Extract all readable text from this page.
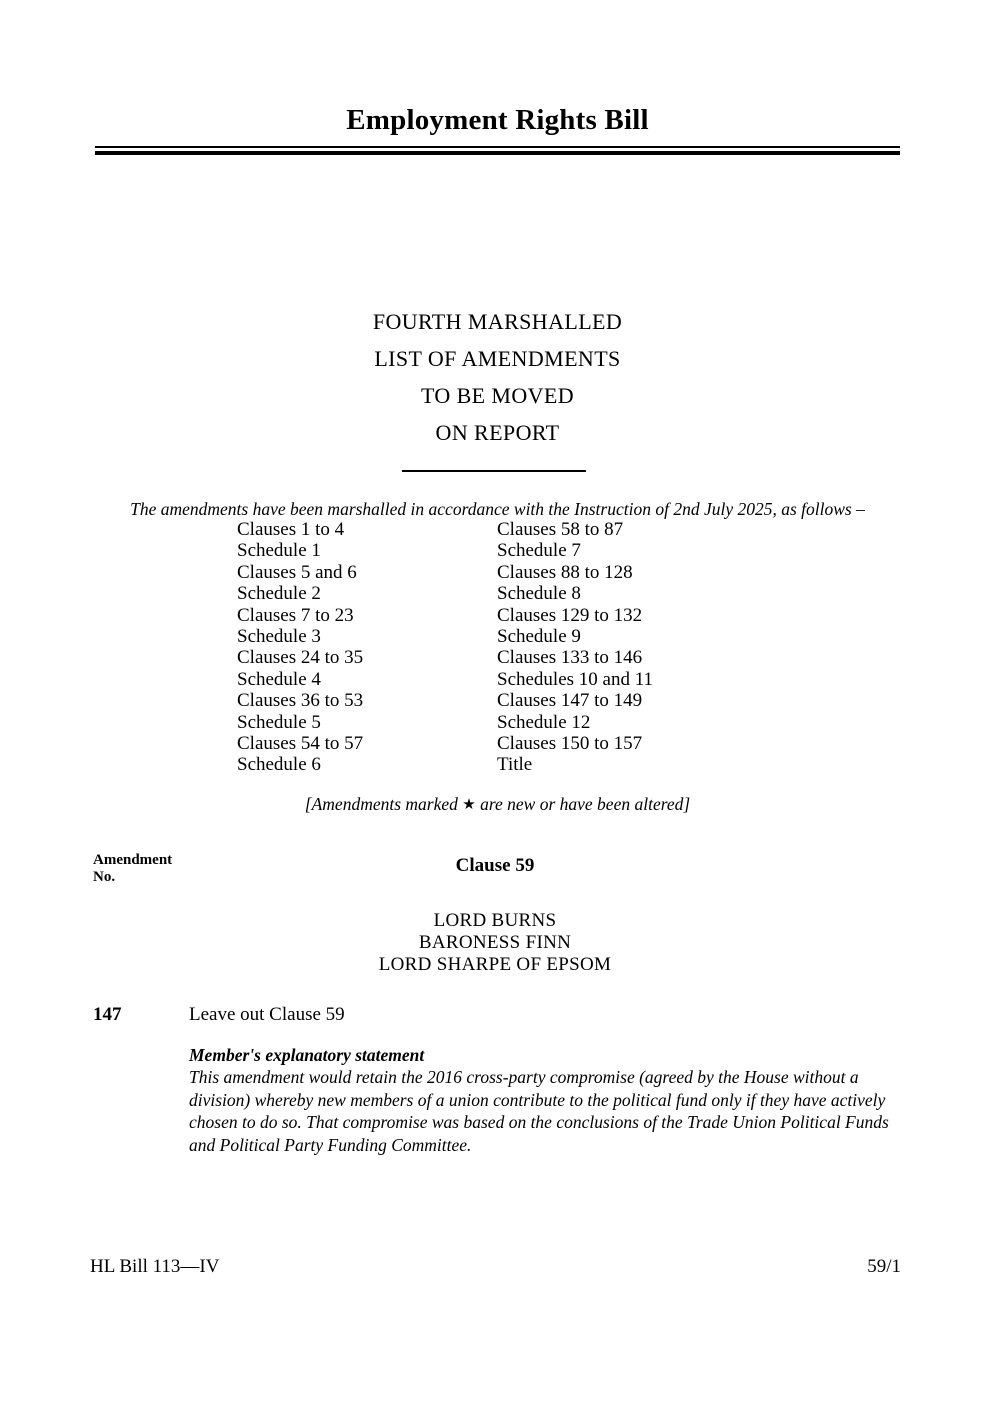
Employment Rights Bill
FOURTH MARSHALLED
LIST OF AMENDMENTS
TO BE MOVED
ON REPORT
The amendments have been marshalled in accordance with the Instruction of 2nd July 2025, as follows –
Clauses 1 to 4
Schedule 1
Clauses 5 and 6
Schedule 2
Clauses 7 to 23
Schedule 3
Clauses 24 to 35
Schedule 4
Clauses 36 to 53
Schedule 5
Clauses 54 to 57
Schedule 6
Clauses 58 to 87
Schedule 7
Clauses 88 to 128
Schedule 8
Clauses 129 to 132
Schedule 9
Clauses 133 to 146
Schedules 10 and 11
Clauses 147 to 149
Schedule 12
Clauses 150 to 157
Title
[Amendments marked ★ are new or have been altered]
Amendment
No.
Clause 59
LORD BURNS
BARONESS FINN
LORD SHARPE OF EPSOM
147	Leave out Clause 59
Member's explanatory statement
This amendment would retain the 2016 cross-party compromise (agreed by the House without a division) whereby new members of a union contribute to the political fund only if they have actively chosen to do so. That compromise was based on the conclusions of the Trade Union Political Funds and Political Party Funding Committee.
HL Bill 113—IV	59/1
